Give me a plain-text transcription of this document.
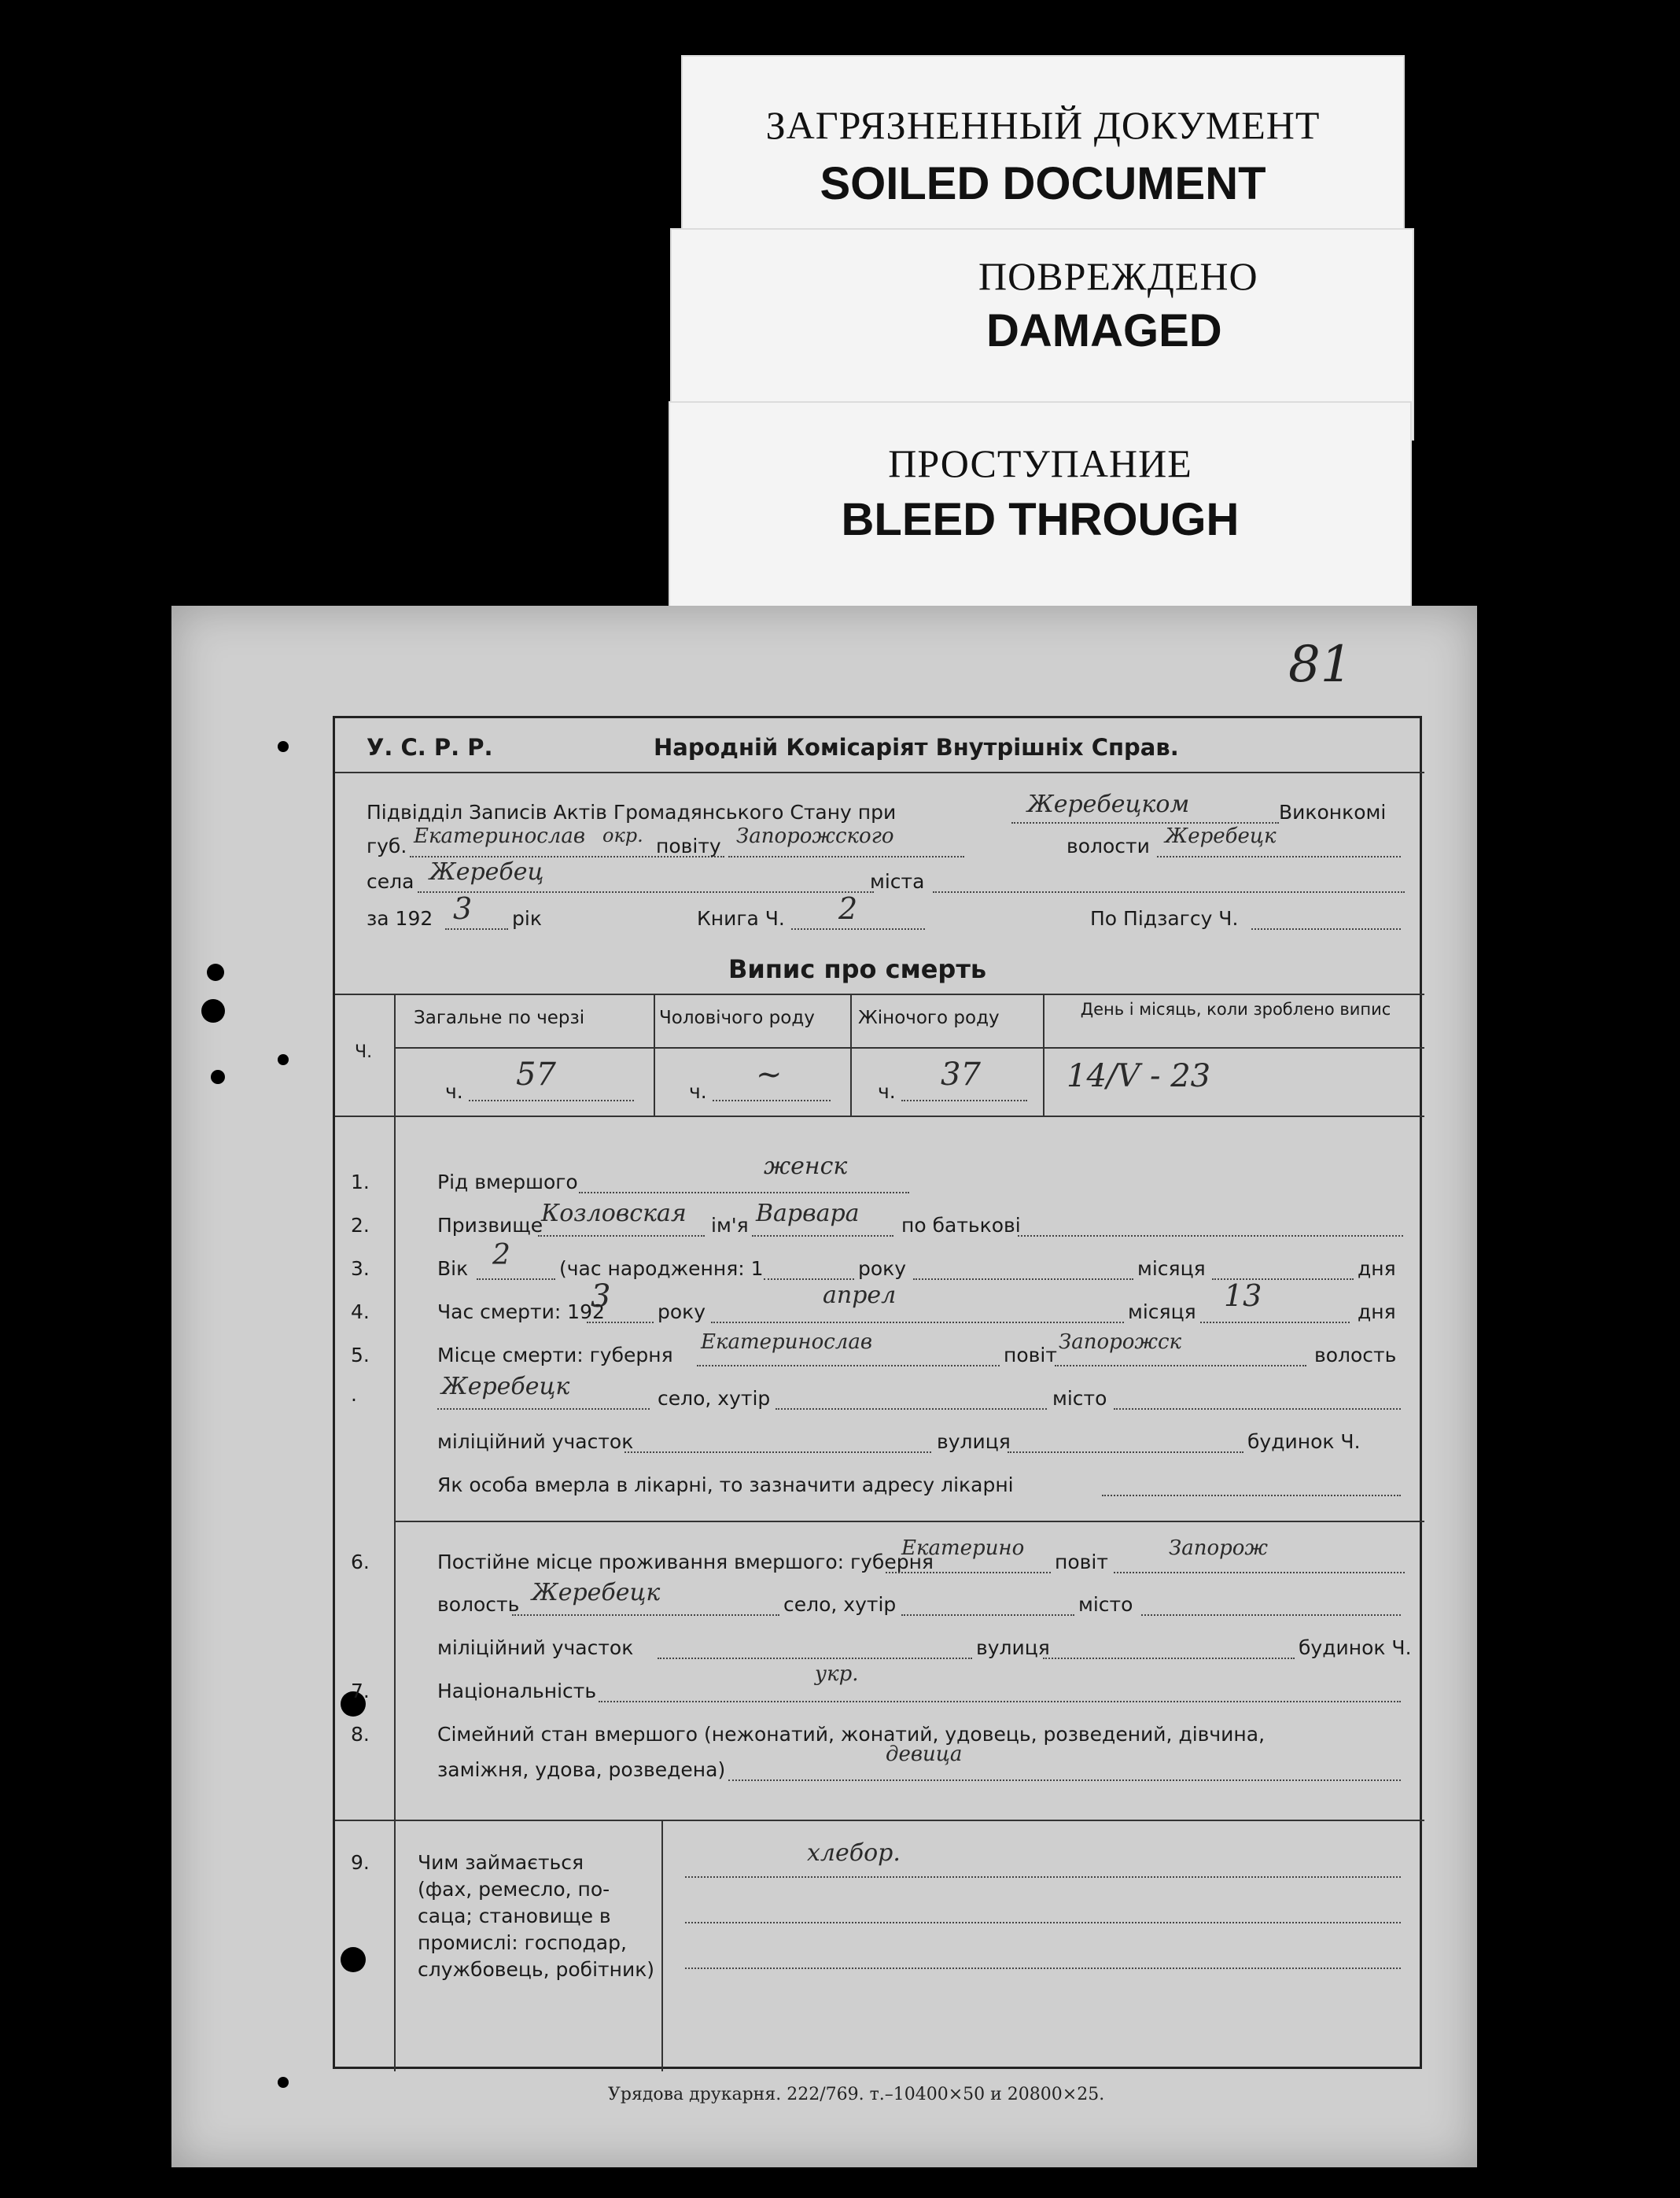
ЗАГРЯЗНЕННЫЙ ДОКУМЕНТ
SOILED DOCUMENT
ПОВРЕЖДЕНО
DAMAGED
ПРОСТУПАНИЕ
BLEED THROUGH
81
У. С. Р. Р.	Народній Комісаріят Внутрішніх Справ.
Підвідділ Записів Актів Громадянського Стану при	Жеребецком	Виконкомі
губ. Екатеринослав окр. повіту Запорожского	волости Жеребецк
села Жеребец	міста
за 192 3 рік	Книга Ч. 2	По Підзагсу Ч.
Випис про смерть
Ч.
Загальне по черзі	Чоловічого роду Жіночого роду	День і місяць, коли зроблено випис
ч. 57	ч. ~	ч. 37	14/V - 23
1.	Рід вмершого
женск
2.	Призвище
Козловская ім'я Варвара по батькові
3.	Вік 2 (час народження: 1	року	місяця	дня
4.	Час смерти: 192
3 року
апрел
місяця 13	дня
5.	Місце смерти: губерня
Екатеринослав
повіт
Запорожск
волость
.	Жеребецк	село, хутір	місто
міліційний участок	вулиця	будинок Ч.
Як особа вмерла в лікарні, то зазначити адресу лікарні
6.	Постійне місце проживання вмершого: губерня
Екатерино
повіт
Запорож
волость Жеребецк	село, хутір	місто
міліційний участок	вулиця	будинок Ч.
7.	Національність
укр.
8.	Сімейний стан вмершого (нежонатий, жонатий, удовець, розведений, дівчина,
заміжня, удова, розведена)
девица
9. Чим займається
(фах, ремесло, по-
саца; становище в
промислі: господар,
службовець, робітник)
хлебор.
Урядова друкарня. 222/769. т.–10400×50 и 20800×25.
